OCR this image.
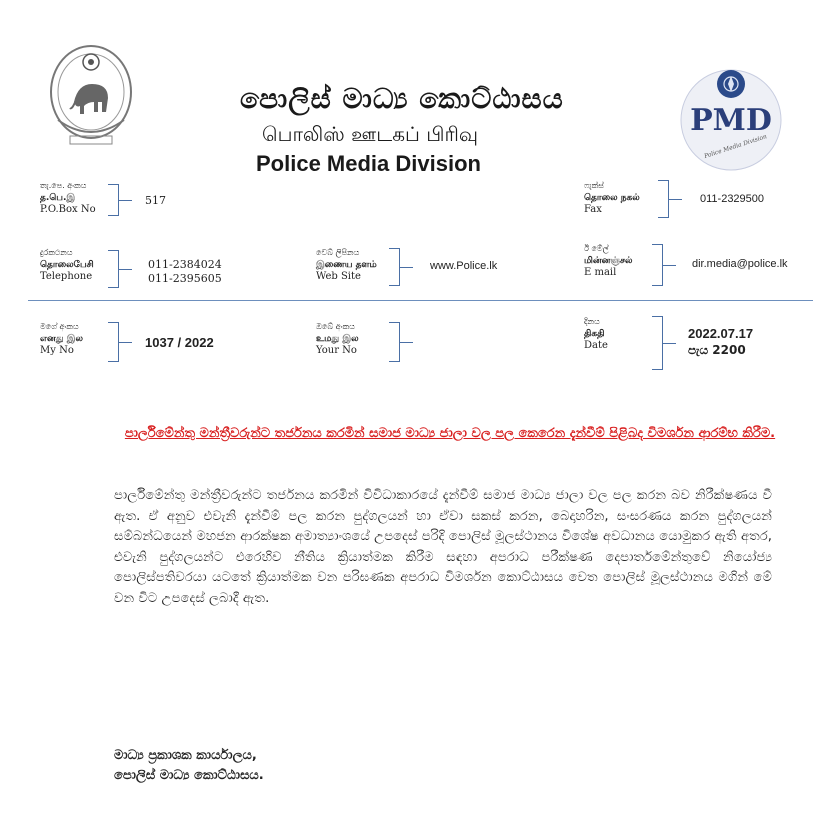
පොලිස් මාධ්‍ය කොට්ඨාසය
பொலிஸ் ஊடகப் பிரிவு
Police Media Division
PMD
Police Media Division
තැ.පෙ. අංකය
த.பெ.இ
P.O.Box No
517
ෆැක්ස්
தொலை நகல்
Fax
011-2329500
දුරකථනය
தொலைபேசி
Telephone
011-2384024
011-2395605
වෙබ් ලිපිනය
இணைய தளம்
Web Site
www.Police.lk
ඊ මේල්
மின்னஞ்சல்
E mail
dir.media@police.lk
මගේ අංකය
எனது இல
My No
1037 / 2022
ඔබේ අංකය
உமது இல
Your No
දිනය
திகதி
Date
2022.07.17
පැය 2200
පාර්ලිමේන්තු මන්ත්‍රීවරුන්ට තර්ජනය කරමින් සමාජ මාධ්‍ය ජාලා වල පල කෙරෙන දැන්වීම් පිළිබද විමර්ශන ආරම්භ කිරීම.
පාර්ලිමේන්තු මන්ත්‍රීවරුන්ට තර්ජනය කරමින් විවිධාකාරයේ දැන්වීම් සමාජ මාධ්‍ය ජාලා වල පල කරන බව නිරීක්ෂණය වී ඇත. ඒ අනුව එවැනි දැන්වීම් පල කරන පුද්ගලයන් හා ඒවා සකස් කරන, බෙදාහරින, සංසරණය කරන පුද්ගලයන් සම්බන්ධයෙන් මහජන ආරක්ෂක අමාත්‍යාංශයේ උපදෙස් පරිදි පොලිස් මූලස්ථානය විශේෂ අවධානය යොමුකර ඇති අතර, එවැනි පුද්ගලයන්ට එරෙහිව නීතිය ක්‍රියාත්මක කිරීම සඳහා අපරාධ පරීක්ෂණ දෙපාර්තමේන්තුවේ නියෝජ්‍ය පොලිස්පතිවරයා යටතේ ක්‍රියාත්මක වන පරිඝණක අපරාධ විමර්ශන කොට්ඨාසය වෙත පොලිස් මූලස්ථානය මගින් මේ වන විට උපදෙස් ලබාදී ඇත.
මාධ්‍ය ප්‍රකාශක කාර්යාලය,
පොලිස් මාධ්‍ය කොට්ඨාසය.
